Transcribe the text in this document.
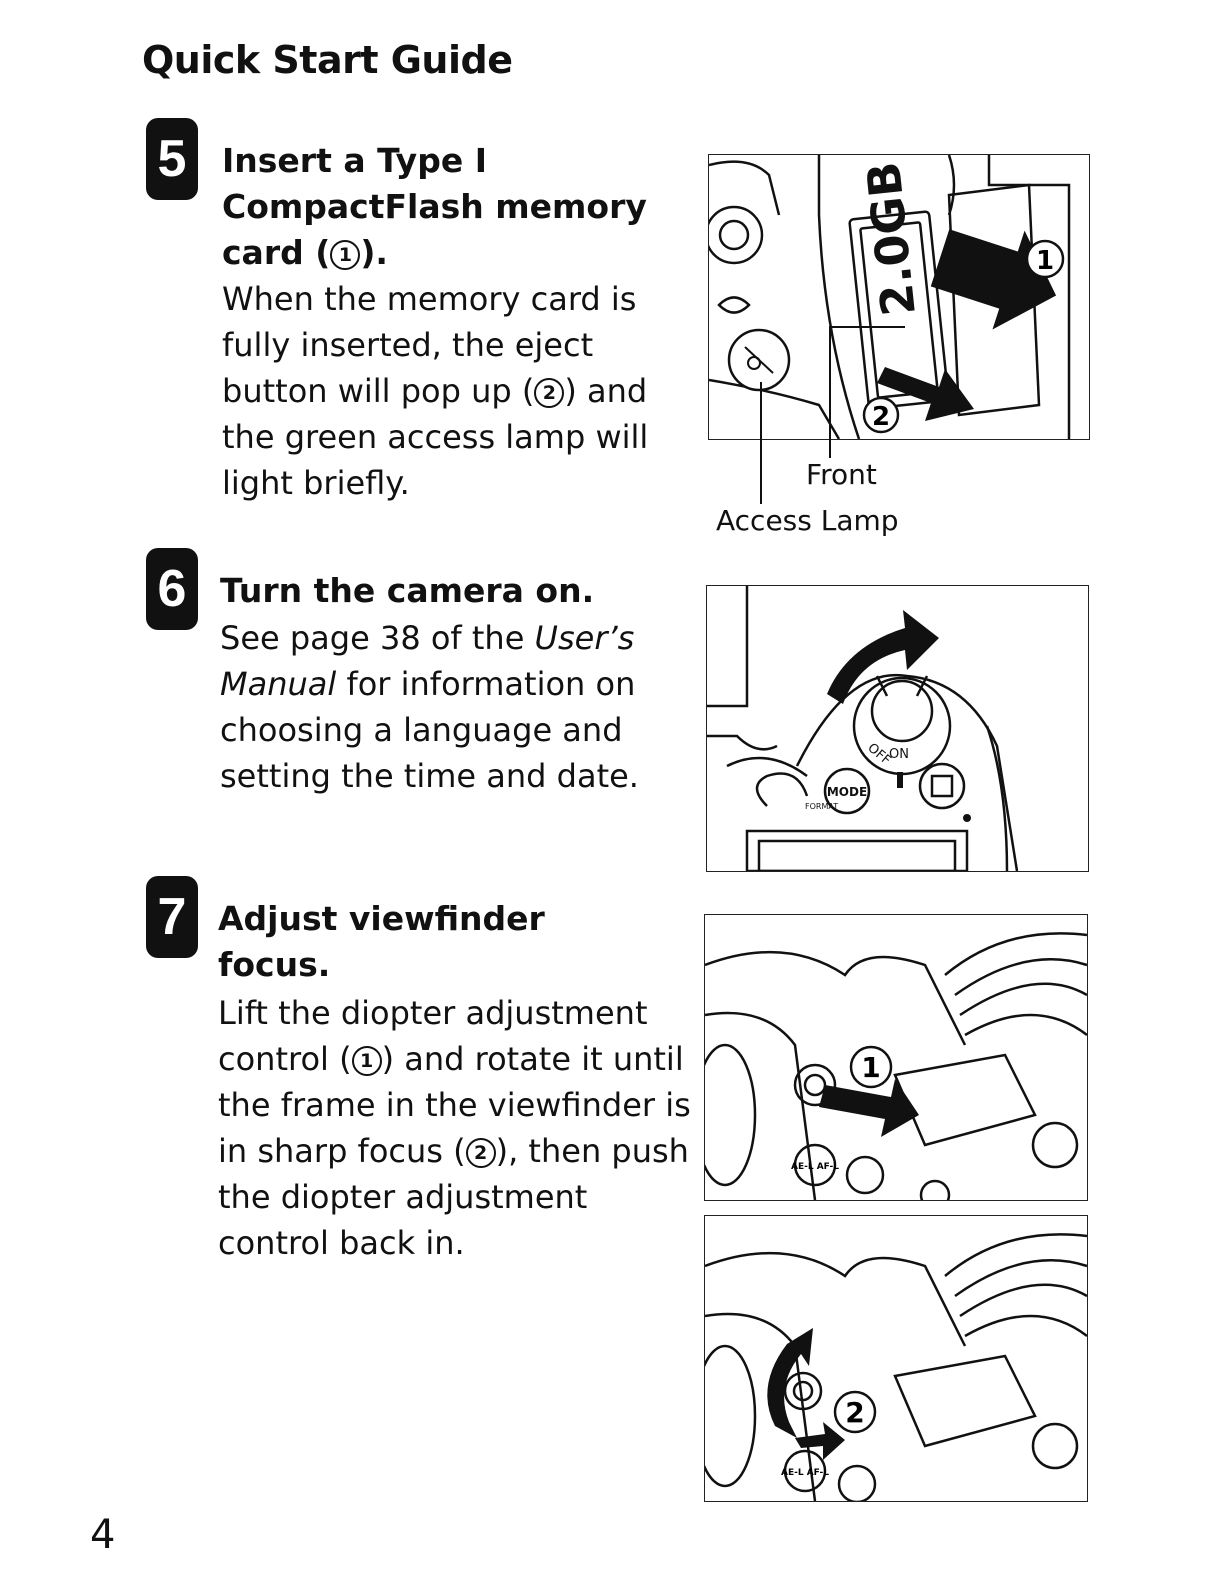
Quick Start Guide
5	Insert a Type I
CompactFlash memory
card ( 1 ).
When the memory card is
fully inserted, the eject
button will pop up ( 2 ) and
the green access lamp will
light briefly.
2.0GB	1
2
Front
Access Lamp
6	Turn the camera on.
See page 38 of the User’s
Manual for information on
choosing a language and
setting the time and date.
OFF
ON
MODE
FORMAT
7 Adjust viewfinder
focus.
Lift the diopter adjustment
control ( 1 ) and rotate it until
the frame in the viewfinder is
in sharp focus ( 2 ), then push
the diopter adjustment
control back in.
1
AE-L AF-L
2
AE-L AF-L
4
